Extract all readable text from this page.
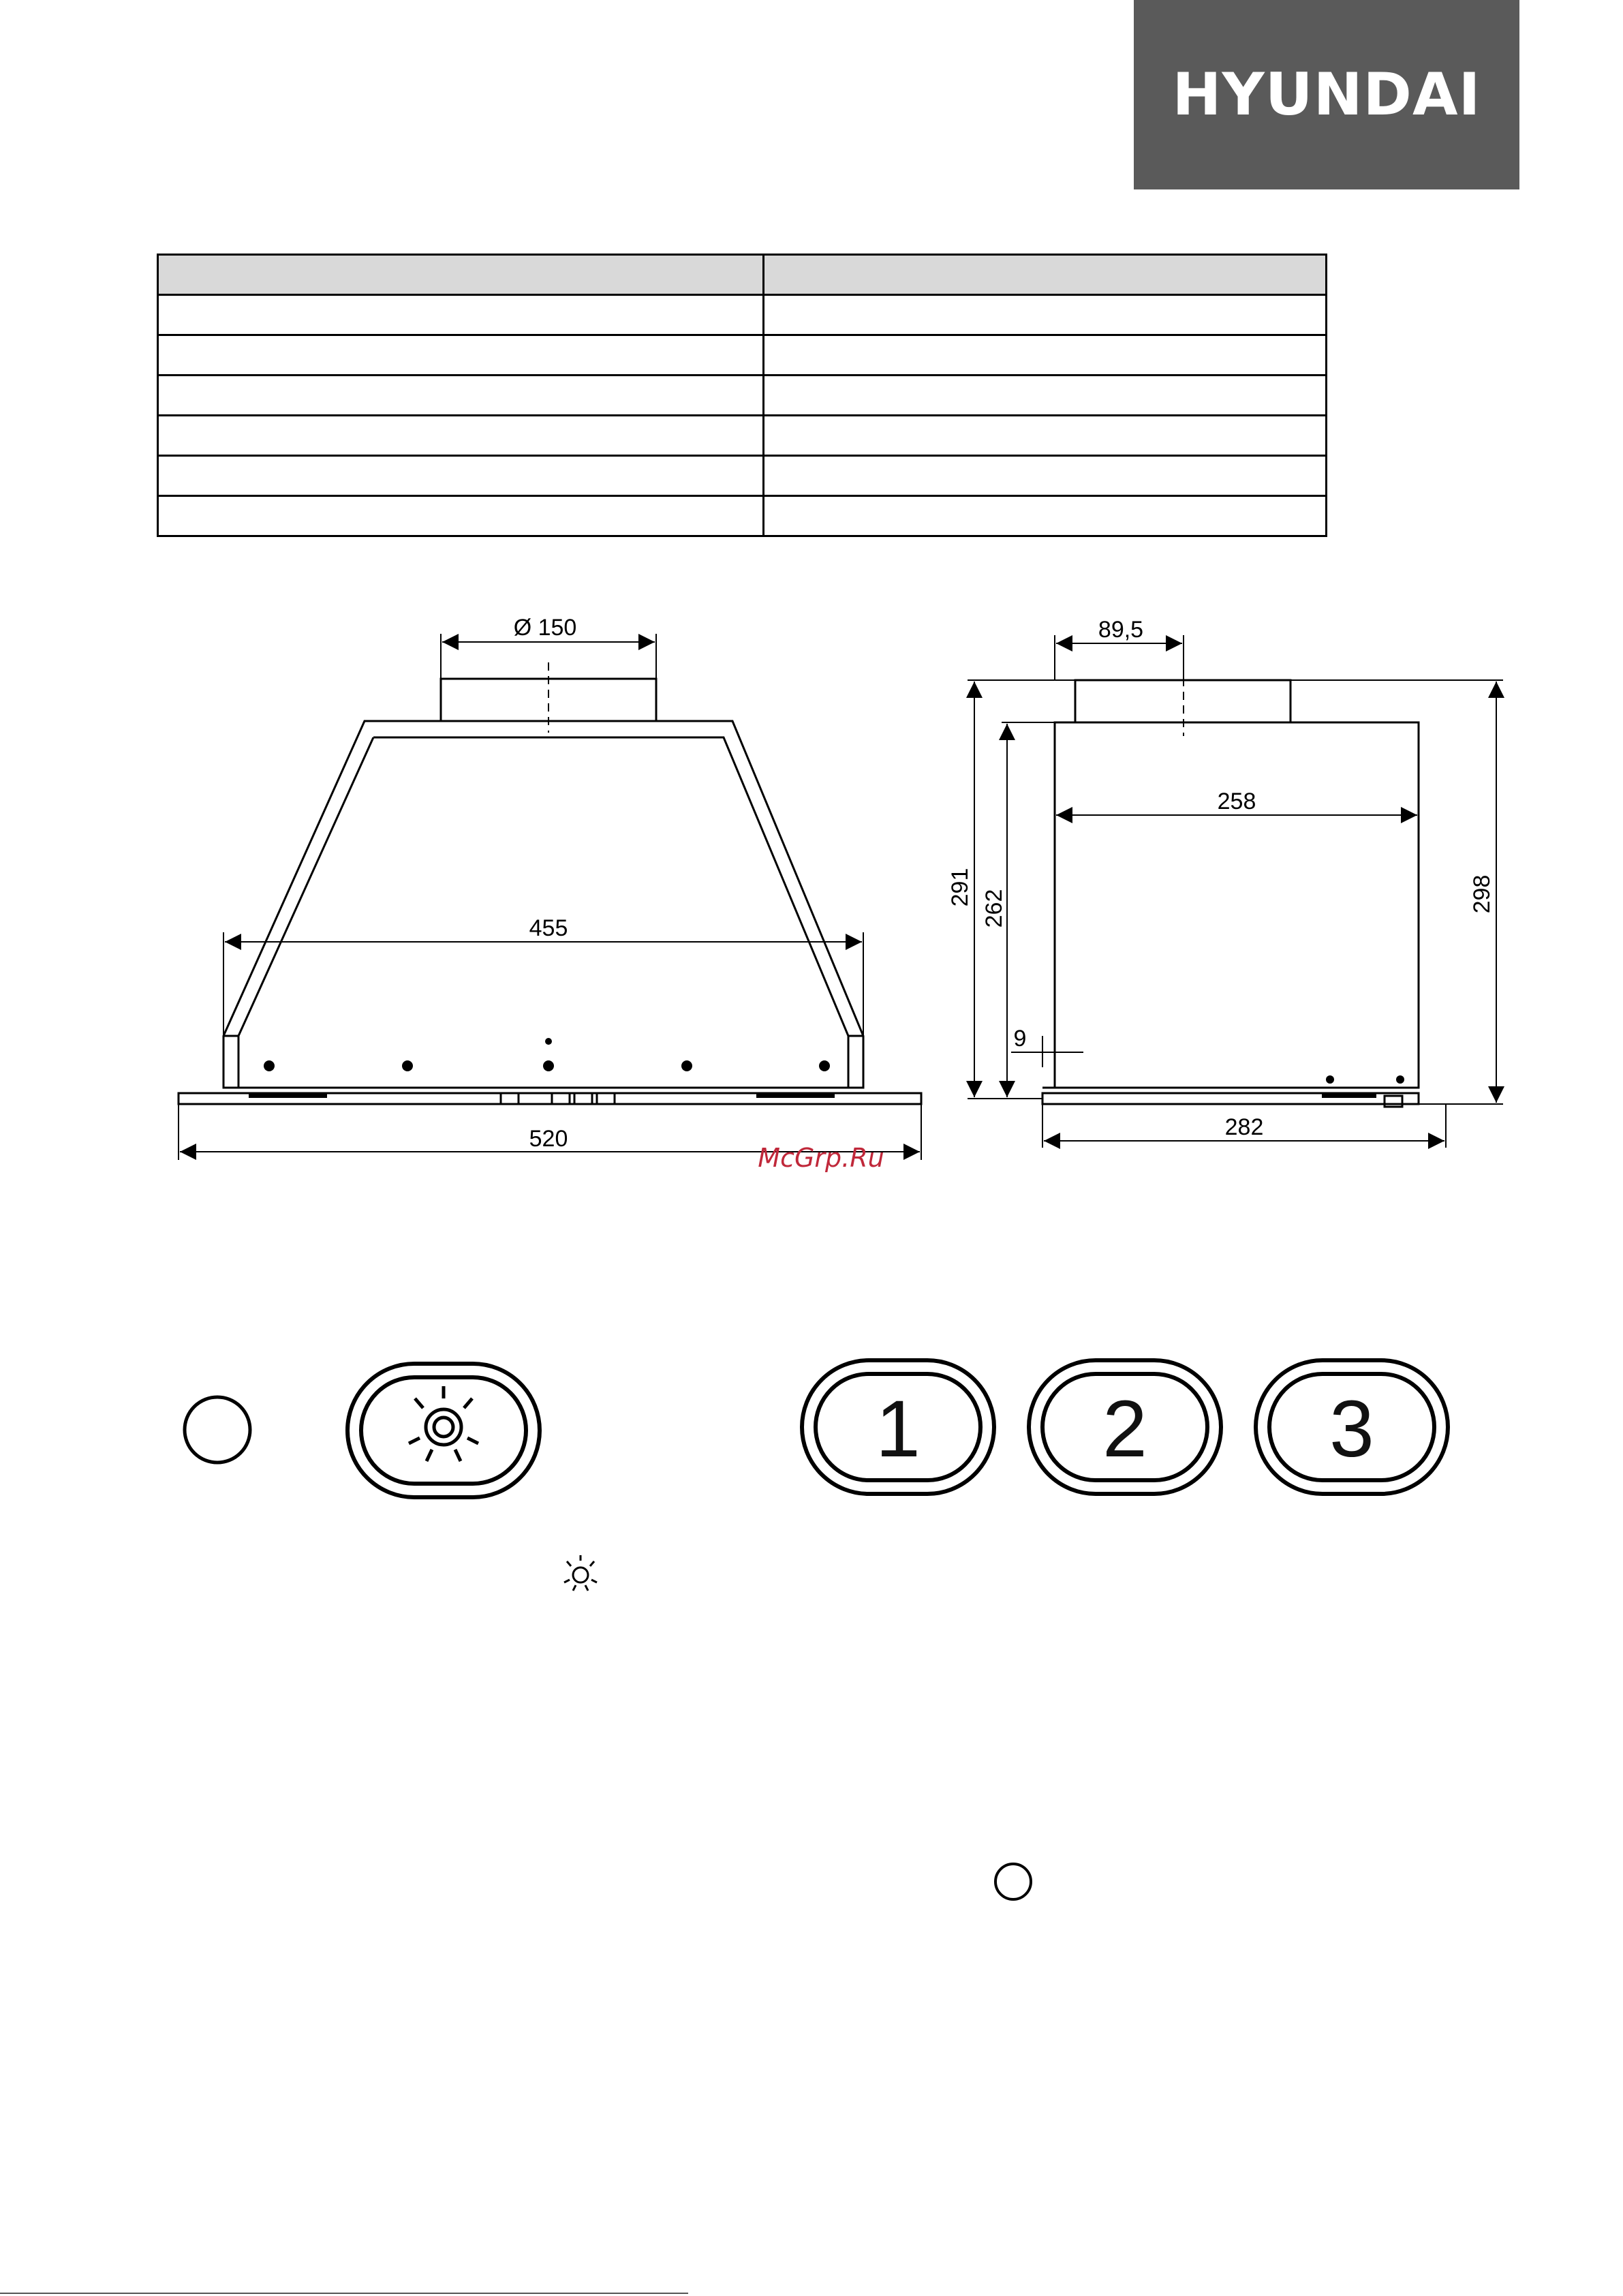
HYUNDAI

Ø 150
455
520
89,5
258
282
9
291
262	298
McGrp.Ru
1 2 3
